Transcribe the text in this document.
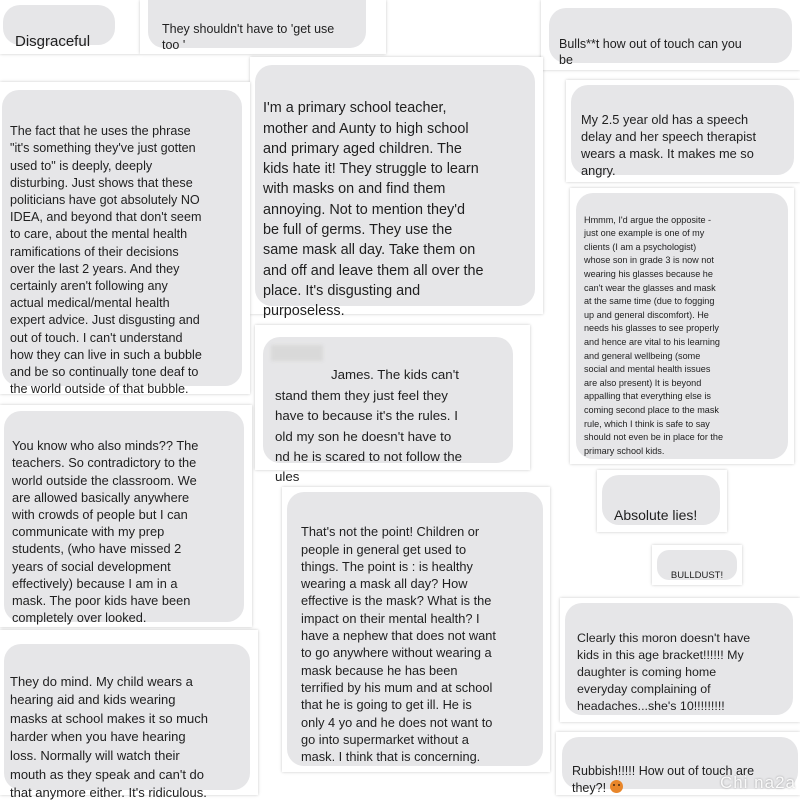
Disgraceful

They shouldn't have to 'get use
too '	Bulls**t how out of touch can you
be

I'm a primary school teacher,
mother and Aunty to high school
and primary aged children. The
kids hate it! They struggle to learn
with masks on and find them
annoying. Not to mention they'd
be full of germs. They use the
same mask all day. Take them on
and off and leave them all over the
place. It's disgusting and
purposeless.

My 2.5 year old has a speech
delay and her speech therapist
wears a mask. It makes me so
angry.

The fact that he uses the phrase
"it's something they've just gotten
used to" is deeply, deeply
disturbing. Just shows that these
politicians have got absolutely NO
IDEA, and beyond that don't seem
to care, about the mental health
ramifications of their decisions
over the last 2 years. And they
certainly aren't following any
actual medical/mental health
expert advice. Just disgusting and
out of touch. I can't understand
how they can live in such a bubble
and be so continually tone deaf to
the world outside of that bubble.

Hmmm, I'd argue the opposite -
just one example is one of my
clients (I am a psychologist)
whose son in grade 3 is now not
wearing his glasses because he
can't wear the glasses and mask
at the same time (due to fogging
up and general discomfort). He
needs his glasses to see properly
and hence are vital to his learning
and general wellbeing (some
social and mental health issues
are also present) It is beyond
appalling that everything else is
coming second place to the mask
rule, which I think is safe to say
should not even be in place for the
primary school kids.

James. The kids can't
stand them they just feel they
have to because it's the rules. I
old my son he doesn't have to
nd he is scared to not follow the
ules

You know who also minds?? The
teachers. So contradictory to the
world outside the classroom. We
are allowed basically anywhere
with crowds of people but I can
communicate with my prep
students, (who have missed 2
years of social development
effectively) because I am in a
mask. The poor kids have been
completely over looked.

Absolute lies!

That's not the point! Children or
people in general get used to
things. The point is : is healthy
wearing a mask all day? How
effective is the mask? What is the
impact on their mental health? I
have a nephew that does not want
to go anywhere without wearing a
mask because he has been
terrified by his mum and at school
that he is going to get ill. He is
only 4 yo and he does not want to
go into supermarket without a
mask. I think that is concerning.

BULLDUST!

Clearly this moron doesn't have
kids in this age bracket!!!!!! My
daughter is coming home
everyday complaining of
headaches...she's 10!!!!!!!!!

They do mind. My child wears a
hearing aid and kids wearing
masks at school makes it so much
harder when you have hearing
loss. Normally will watch their
mouth as they speak and can't do
that anymore either. It's ridiculous.

Rubbish!!!!! How out of touch are
they?!	Chi na2a
